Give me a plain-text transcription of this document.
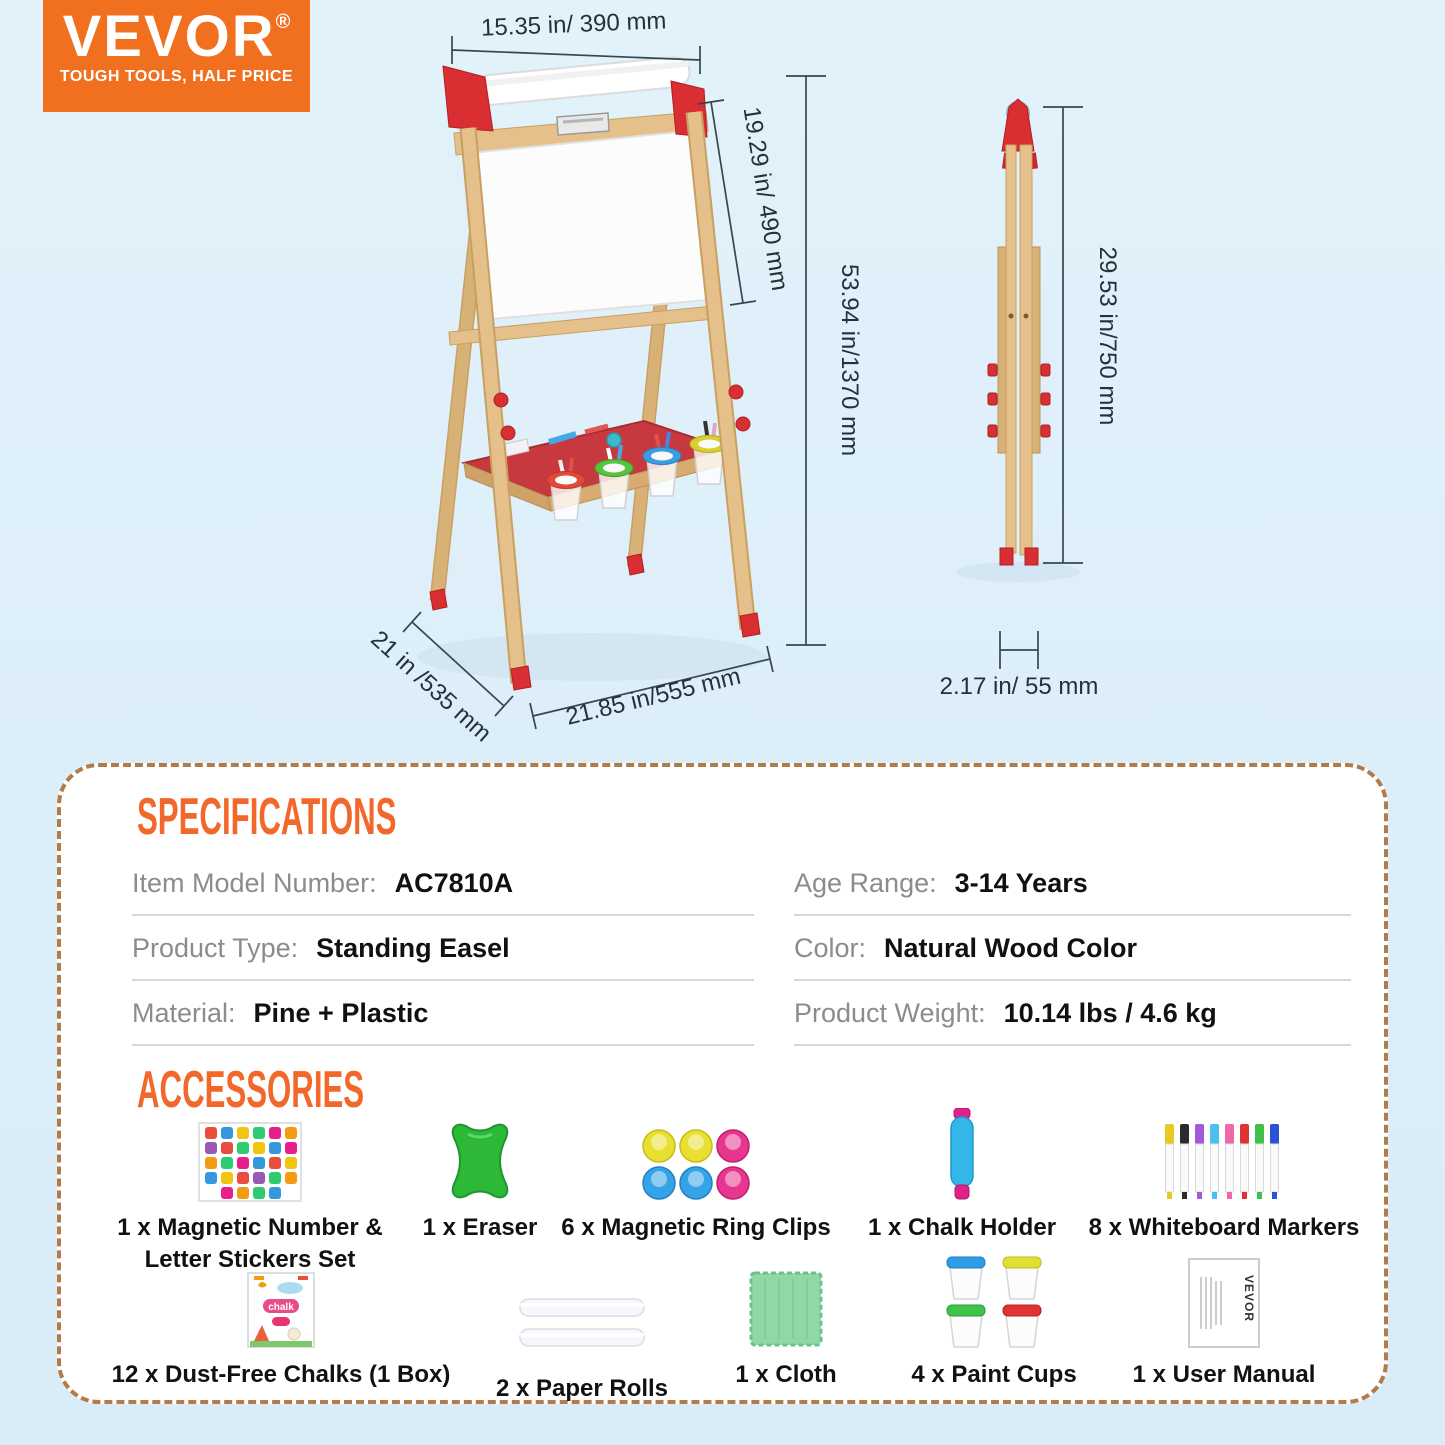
VEVOR®
TOUGH TOOLS, HALF PRICE
15.35 in/ 390 mm
19.29 in/ 490 mm
53.94 in/1370 mm
21 in /535 mm	21.85 in/555 mm
29.53 in/750 mm
2.17 in/ 55 mm
SPECIFICATIONS
Item Model Number: AC7810A
Product Type: Standing Easel
Material: Pine + Plastic
Age Range: 3-14 Years
Color: Natural Wood Color
Product Weight: 10.14 lbs / 4.6 kg
ACCESSORIES
1 x Magnetic Number & Letter Stickers Set
1 x Eraser 6 x Magnetic Ring Clips 1 x Chalk Holder 8 x Whiteboard Markers
chalk
12 x Dust-Free Chalks (1 Box)
2 x Paper Rolls
1 x Cloth	4 x Paint Cups
VEVOR
1 x User Manual
